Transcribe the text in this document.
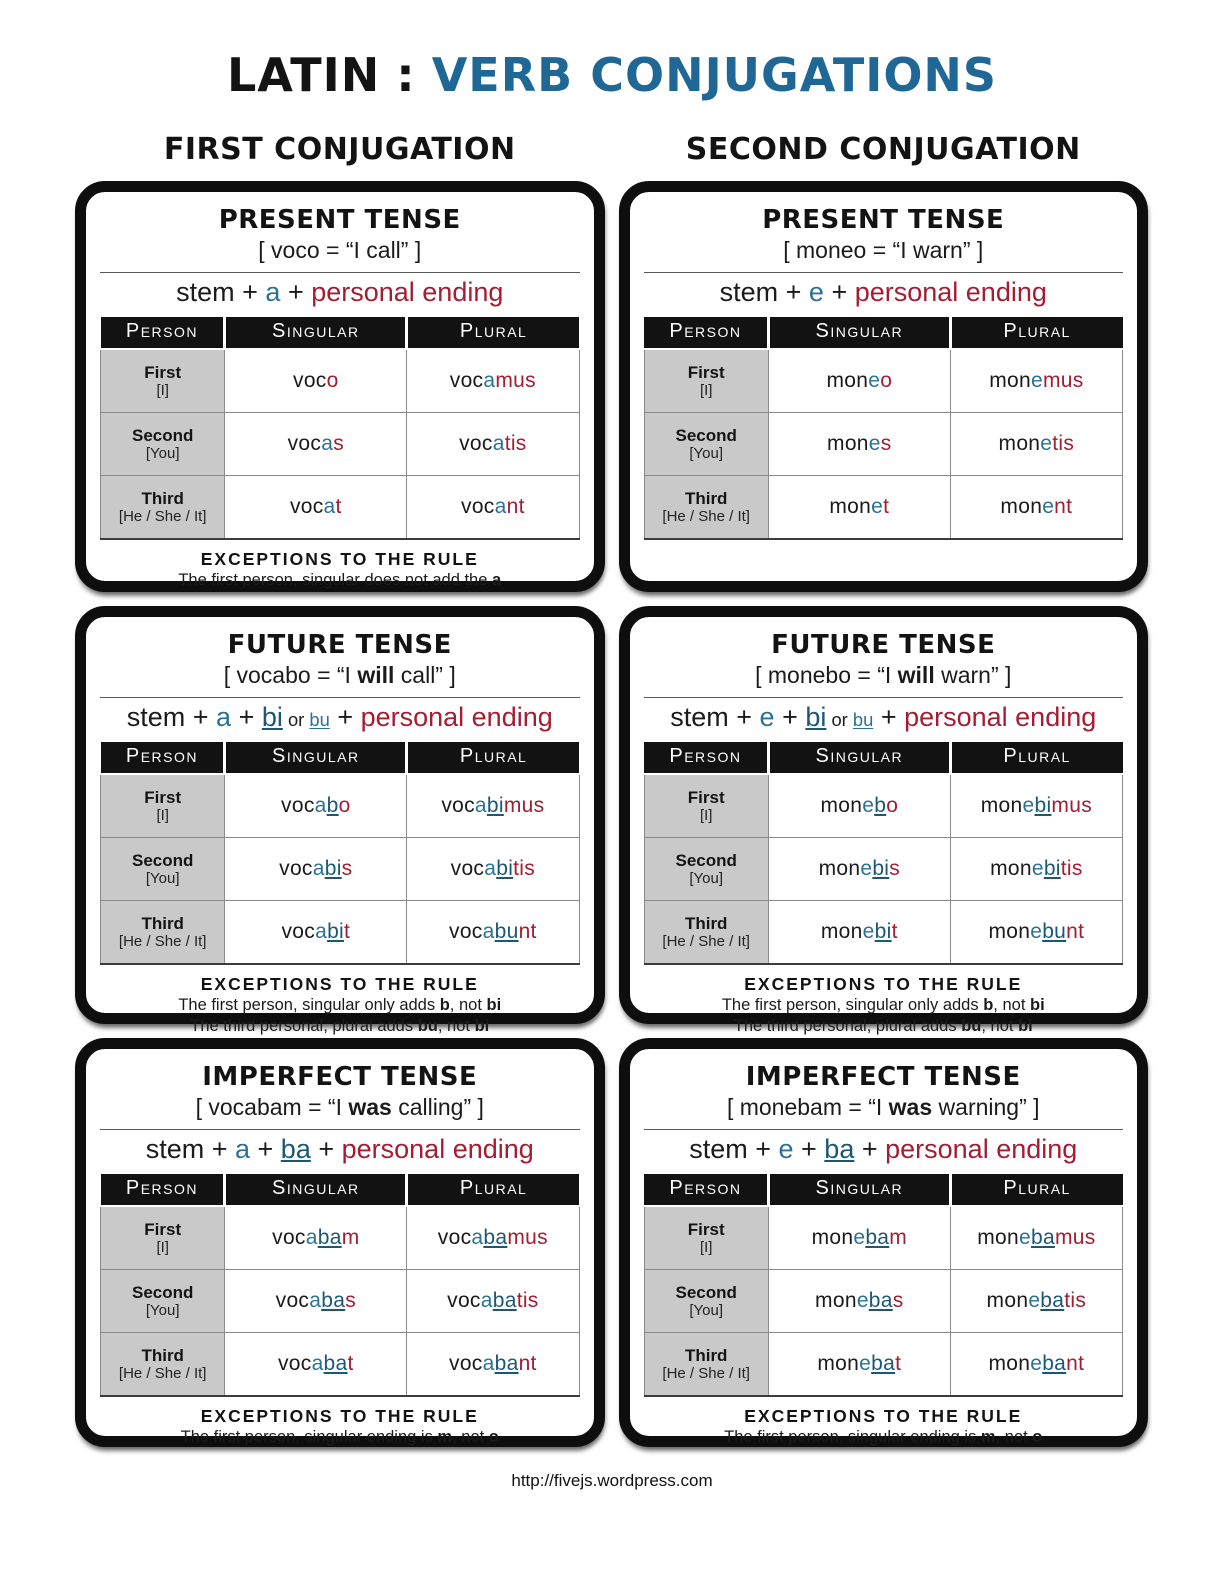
LATIN : VERB CONJUGATIONS
FIRST CONJUGATION	SECOND CONJUGATION
PRESENT TENSE

[ voco = “I call” ]

stem + a + personal ending

Person	Singular	Plural

First
[I]	voco	vocamus

Second
[You]	vocas	vocatis

Third
[He / She / It]	vocat	vocant
EXCEPTIONS TO THE RULE
The first person, singular does not add the a
PRESENT TENSE

[ moneo = “I warn” ]

stem + e + personal ending

Person	Singular	Plural

First
[I]	moneo	monemus

Second
[You]	mones	monetis

Third
[He / She / It]	monet	monent
FUTURE TENSE

[ vocabo = “I will call” ]

stem + a + bi or bu + personal ending

Person	Singular	Plural

First
[I]	vocabo	vocabimus

Second
[You]	vocabis	vocabitis

Third
[He / She / It]	vocabit	vocabunt
EXCEPTIONS TO THE RULE
The first person, singular only adds b, not bi
The third personal, plural adds bu, not bi
FUTURE TENSE

[ monebo = “I will warn” ]

stem + e + bi or bu + personal ending

Person	Singular	Plural

First
[I]	monebo	monebimus

Second
[You]	monebis	monebitis

Third
[He / She / It]	monebit	monebunt
EXCEPTIONS TO THE RULE
The first person, singular only adds b, not bi
The third personal, plural adds bu, not bi
IMPERFECT TENSE

[ vocabam = “I was calling” ]

stem + a + ba + personal ending

Person	Singular	Plural

First
[I]	vocabam	vocabamus

Second
[You]	vocabas	vocabatis

Third
[He / She / It]	vocabat	vocabant
EXCEPTIONS TO THE RULE
The first person, singular ending is m, not o
IMPERFECT TENSE

[ monebam = “I was warning” ]

stem + e + ba + personal ending

Person	Singular	Plural

First
[I]	monebam	monebamus

Second
[You]	monebas	monebatis

Third
[He / She / It]	monebat	monebant
EXCEPTIONS TO THE RULE
The first person, singular ending is m, not o
http://fivejs.wordpress.com
